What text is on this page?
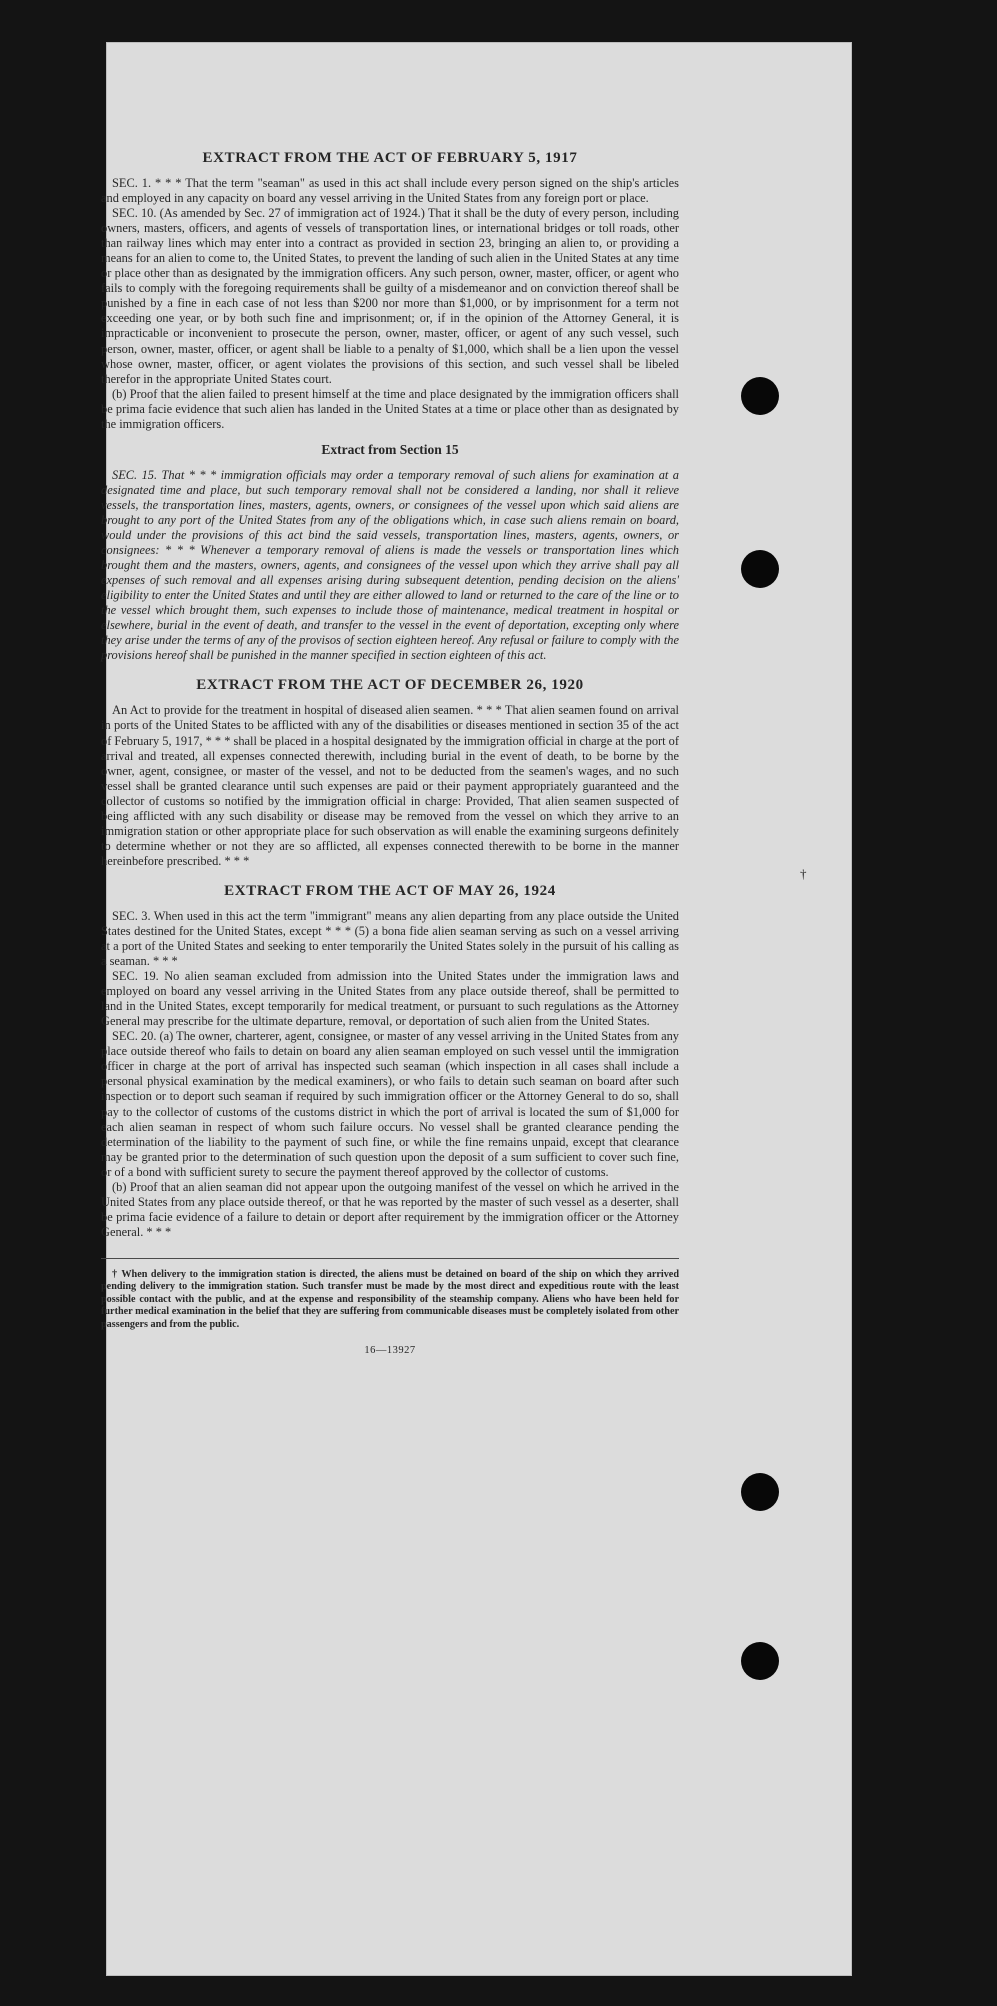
EXTRACT FROM THE ACT OF FEBRUARY 5, 1917

SEC. 1. * * * That the term "seaman" as used in this act shall include every person signed on the ship's articles and employed in any capacity on board any vessel arriving in the United States from any foreign port or place.

SEC. 10. (As amended by Sec. 27 of immigration act of 1924.) That it shall be the duty of every person, including owners, masters, officers, and agents of vessels of transportation lines, or international bridges or toll roads, other than railway lines which may enter into a contract as provided in section 23, bringing an alien to, or providing a means for an alien to come to, the United States, to prevent the landing of such alien in the United States at any time or place other than as designated by the immigration officers. Any such person, owner, master, officer, or agent who fails to comply with the foregoing requirements shall be guilty of a misdemeanor and on conviction thereof shall be punished by a fine in each case of not less than $200 nor more than $1,000, or by imprisonment for a term not exceeding one year, or by both such fine and imprisonment; or, if in the opinion of the Attorney General, it is impracticable or inconvenient to prosecute the person, owner, master, officer, or agent of any such vessel, such person, owner, master, officer, or agent shall be liable to a penalty of $1,000, which shall be a lien upon the vessel whose owner, master, officer, or agent violates the provisions of this section, and such vessel shall be libeled therefor in the appropriate United States court.

(b) Proof that the alien failed to present himself at the time and place designated by the immigration officers shall be prima facie evidence that such alien has landed in the United States at a time or place other than as designated by the immigration officers.

Extract from Section 15

SEC. 15. That * * * immigration officials may order a temporary removal of such aliens for examination at a designated time and place, but such temporary removal shall not be considered a landing, nor shall it relieve vessels, the transportation lines, masters, agents, owners, or consignees of the vessel upon which said aliens are brought to any port of the United States from any of the obligations which, in case such aliens remain on board, would under the provisions of this act bind the said vessels, transportation lines, masters, agents, owners, or consignees: * * * Whenever a temporary removal of aliens is made the vessels or transportation lines which brought them and the masters, owners, agents, and consignees of the vessel upon which they arrive shall pay all expenses of such removal and all expenses arising during subsequent detention, pending decision on the aliens' eligibility to enter the United States and until they are either allowed to land or returned to the care of the line or to the vessel which brought them, such expenses to include those of maintenance, medical treatment in hospital or elsewhere, burial in the event of death, and transfer to the vessel in the event of deportation, excepting only where they arise under the terms of any of the provisos of section eighteen hereof. Any refusal or failure to comply with the provisions hereof shall be punished in the manner specified in section eighteen of this act.

EXTRACT FROM THE ACT OF DECEMBER 26, 1920

An Act to provide for the treatment in hospital of diseased alien seamen. * * * That alien seamen found on arrival in ports of the United States to be afflicted with any of the disabilities or diseases mentioned in section 35 of the act of February 5, 1917, * * * shall be placed in a hospital designated by the immigration official in charge at the port of arrival and treated, all expenses connected therewith, including burial in the event of death, to be borne by the owner, agent, consignee, or master of the vessel, and not to be deducted from the seamen's wages, and no such vessel shall be granted clearance until such expenses are paid or their payment appropriately guaranteed and the collector of customs so notified by the immigration official in charge: Provided, That alien seamen suspected of being afflicted with any such disability or disease may be removed from the vessel on which they arrive to an immigration station or other appropriate place for such observation as will enable the examining surgeons definitely to determine whether or not they are so afflicted, all expenses connected therewith to be borne in the manner hereinbefore prescribed. * * *

EXTRACT FROM THE ACT OF MAY 26, 1924

SEC. 3. When used in this act the term "immigrant" means any alien departing from any place outside the United States destined for the United States, except * * * (5) a bona fide alien seaman serving as such on a vessel arriving at a port of the United States and seeking to enter temporarily the United States solely in the pursuit of his calling as a seaman. * * *

SEC. 19. No alien seaman excluded from admission into the United States under the immigration laws and employed on board any vessel arriving in the United States from any place outside thereof, shall be permitted to land in the United States, except temporarily for medical treatment, or pursuant to such regulations as the Attorney General may prescribe for the ultimate departure, removal, or deportation of such alien from the United States.

SEC. 20. (a) The owner, charterer, agent, consignee, or master of any vessel arriving in the United States from any place outside thereof who fails to detain on board any alien seaman employed on such vessel until the immigration officer in charge at the port of arrival has inspected such seaman (which inspection in all cases shall include a personal physical examination by the medical examiners), or who fails to detain such seaman on board after such inspection or to deport such seaman if required by such immigration officer or the Attorney General to do so, shall pay to the collector of customs of the customs district in which the port of arrival is located the sum of $1,000 for each alien seaman in respect of whom such failure occurs. No vessel shall be granted clearance pending the determination of the liability to the payment of such fine, or while the fine remains unpaid, except that clearance may be granted prior to the determination of such question upon the deposit of a sum sufficient to cover such fine, or of a bond with sufficient surety to secure the payment thereof approved by the collector of customs.

(b) Proof that an alien seaman did not appear upon the outgoing manifest of the vessel on which he arrived in the United States from any place outside thereof, or that he was reported by the master of such vessel as a deserter, shall be prima facie evidence of a failure to detain or deport after requirement by the immigration officer or the Attorney General. * * *

† When delivery to the immigration station is directed, the aliens must be detained on board of the ship on which they arrived pending delivery to the immigration station. Such transfer must be made by the most direct and expeditious route with the least possible contact with the public, and at the expense and responsibility of the steamship company. Aliens who have been held for further medical examination in the belief that they are suffering from communicable diseases must be completely isolated from other passengers and from the public.

16—13927
†
